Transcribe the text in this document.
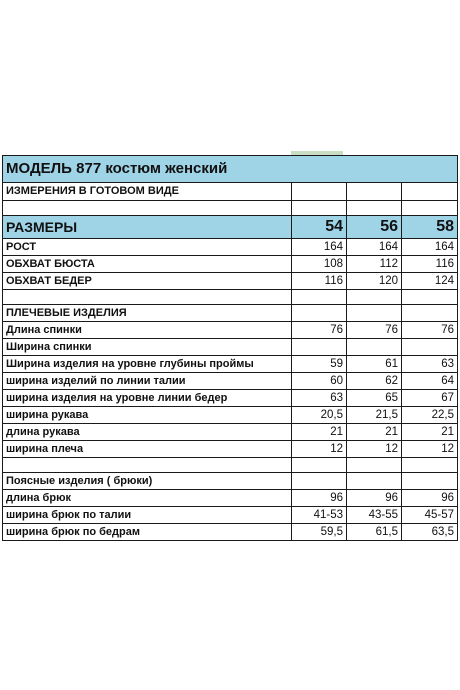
МОДЕЛЬ 877 костюм женский			
ИЗМЕРЕНИЯ В ГОТОВОМ ВИДЕ			

РАЗМЕРЫ	54	56	58
РОСТ	164	164	164
ОБХВАТ БЮСТА	108	112	116
ОБХВАТ БЕДЕР	116	120	124

ПЛЕЧЕВЫЕ ИЗДЕЛИЯ			
Длина спинки	76	76	76
Ширина спинки			
Ширина изделия на уровне глубины проймы	59	61	63
ширина изделий по линии талии	60	62	64
ширина изделия на уровне линии бедер	63	65	67
ширина рукава	20,5	21,5	22,5
длина рукава	21	21	21
ширина плеча	12	12	12

Поясные изделия ( брюки)			
длина брюк	96	96	96
ширина брюк по талии	41-53	43-55	45-57
ширина брюк по бедрам	59,5	61,5	63,5
